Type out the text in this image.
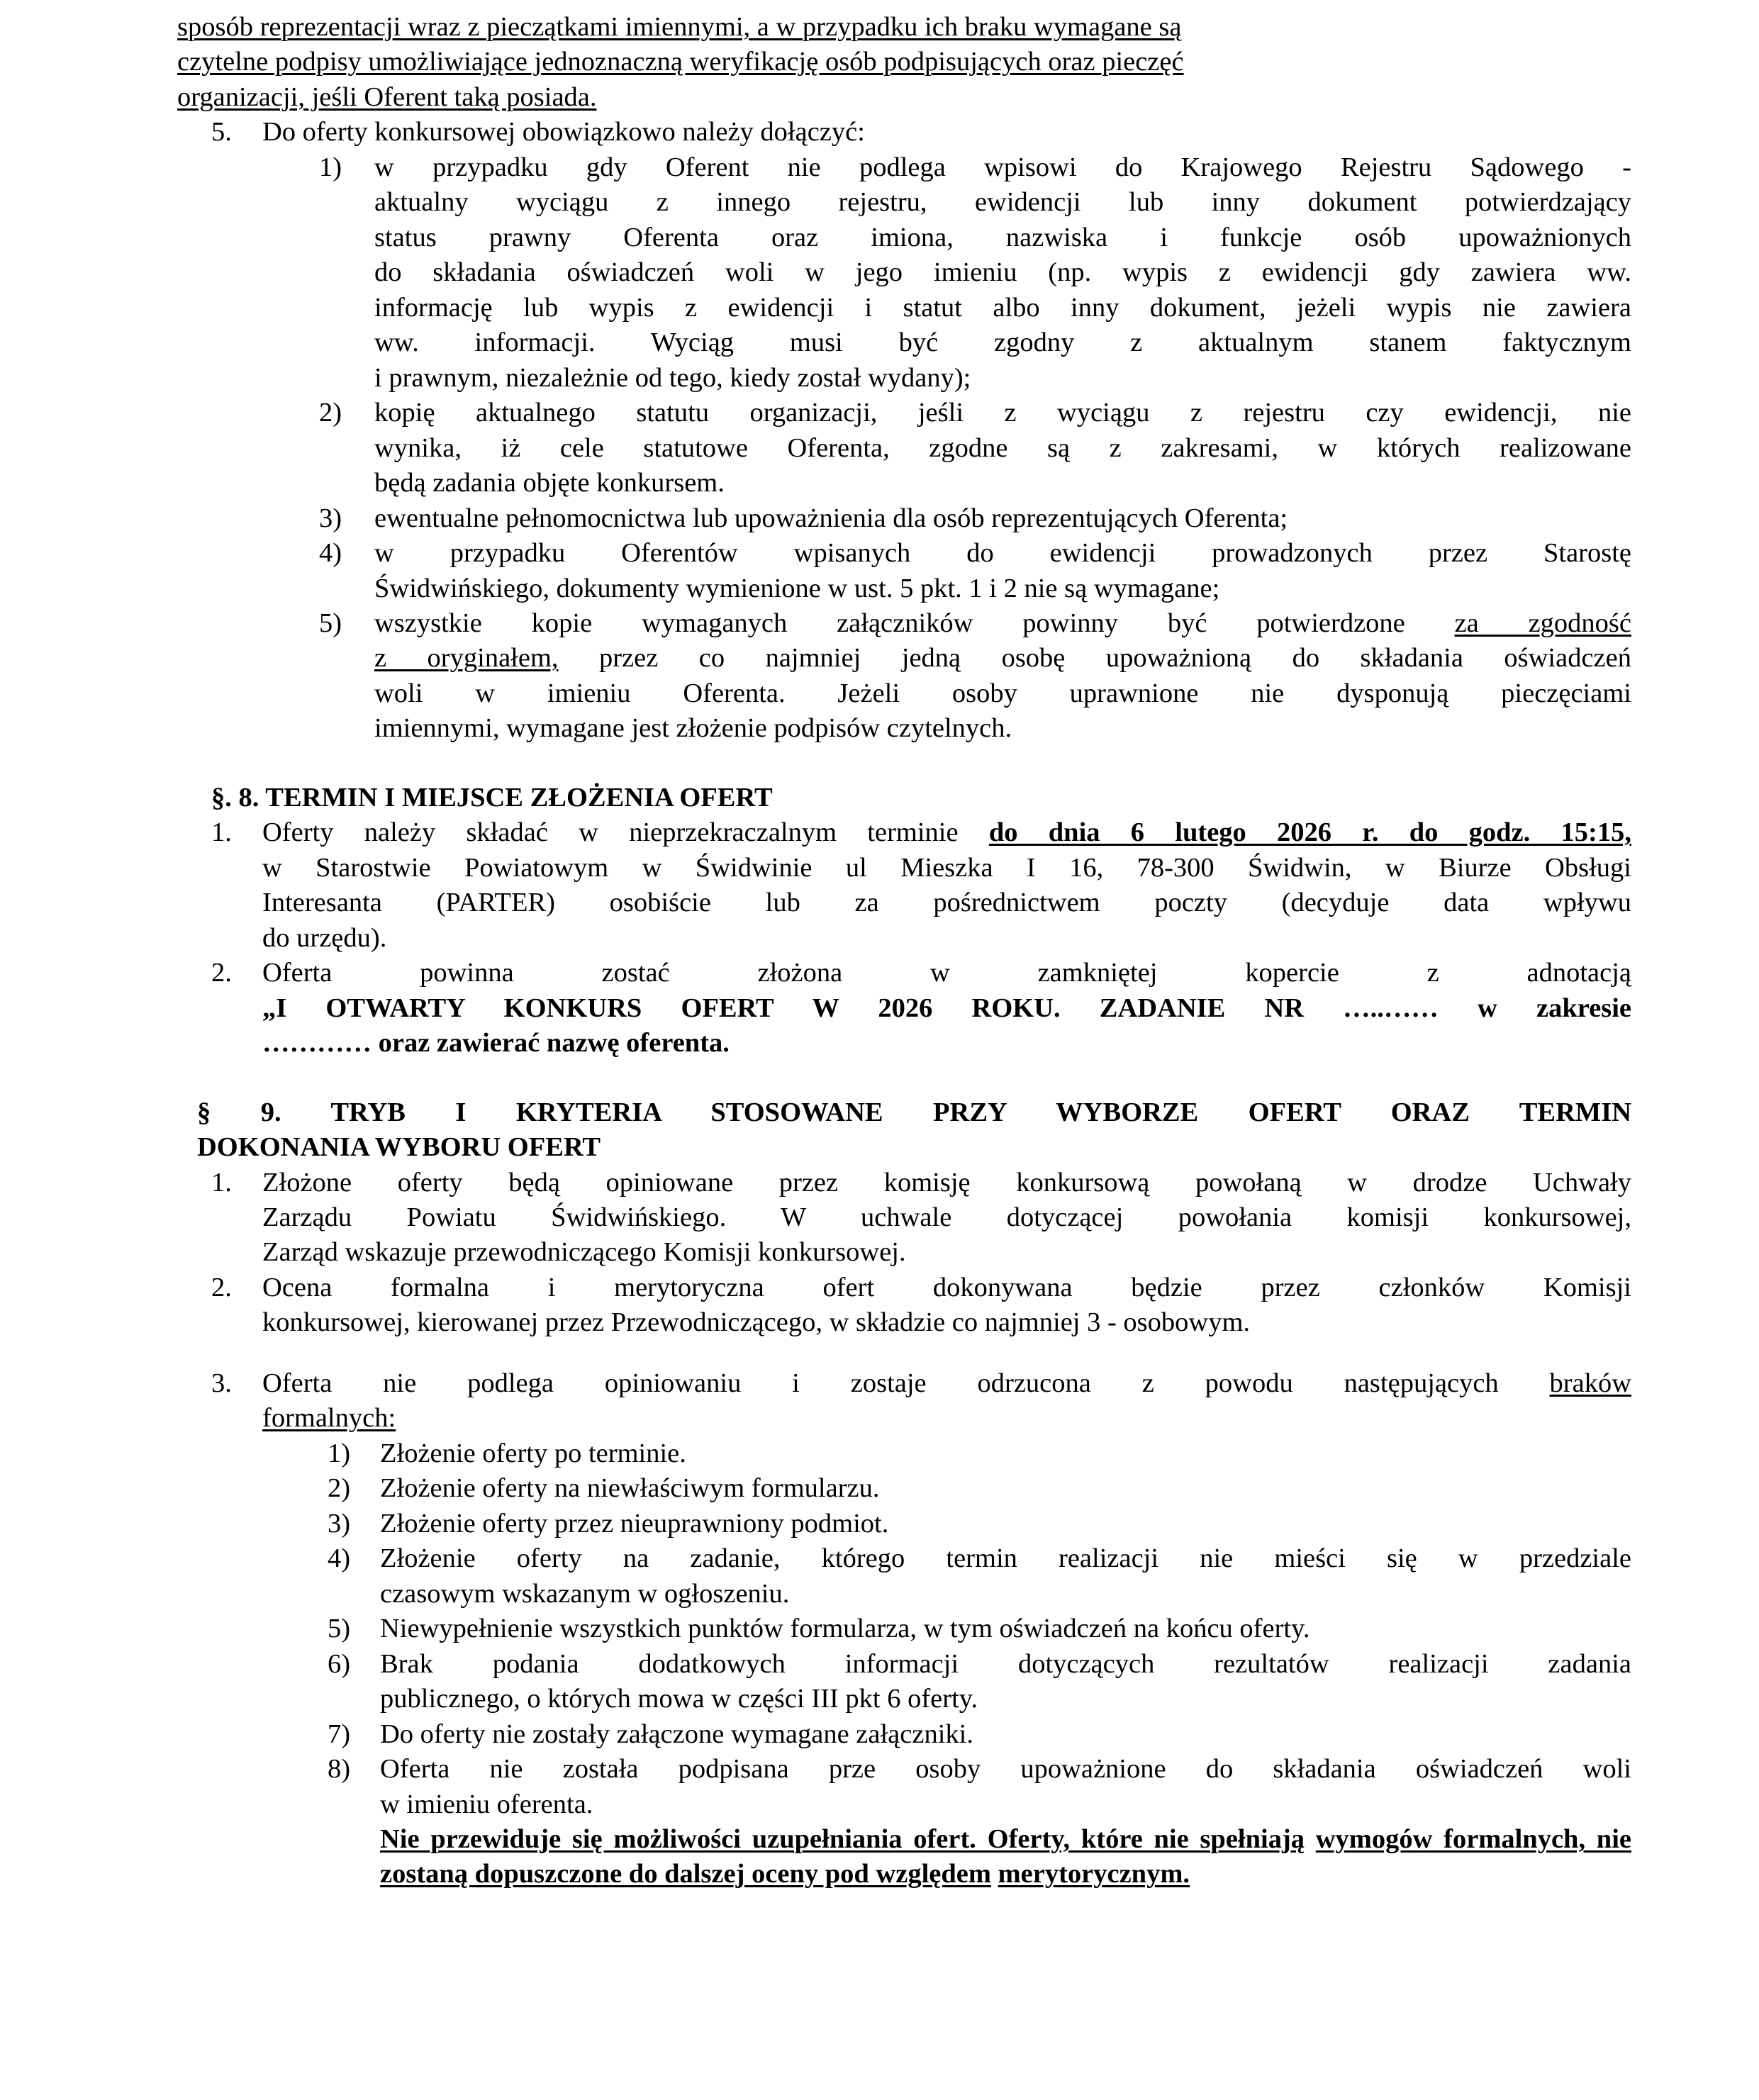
sposób reprezentacji wraz z pieczątkami imiennymi, a w przypadku ich braku wymagane są
czytelne podpisy umożliwiające jednoznaczną weryfikację osób podpisujących oraz pieczęć
organizacji, jeśli Oferent taką posiada.
5.	Do oferty konkursowej obowiązkowo należy dołączyć:
1)	w przypadku gdy Oferent nie podlega wpisowi do Krajowego Rejestru Sądowego -
aktualny wyciągu z innego rejestru, ewidencji lub inny dokument potwierdzający
status prawny Oferenta oraz imiona, nazwiska i funkcje osób upoważnionych
do składania oświadczeń woli w jego imieniu (np. wypis z ewidencji gdy zawiera ww.
informację lub wypis z ewidencji i statut albo inny dokument, jeżeli wypis nie zawiera
ww. informacji. Wyciąg musi być zgodny z aktualnym stanem faktycznym
i prawnym, niezależnie od tego, kiedy został wydany);
2)	kopię aktualnego statutu organizacji, jeśli z wyciągu z rejestru czy ewidencji, nie
wynika, iż cele statutowe Oferenta, zgodne są z zakresami, w których realizowane
będą zadania objęte konkursem.
3)	ewentualne pełnomocnictwa lub upoważnienia dla osób reprezentujących Oferenta;
4)	w przypadku Oferentów wpisanych do ewidencji prowadzonych przez Starostę
Świdwińskiego, dokumenty wymienione w ust. 5 pkt. 1 i 2 nie są wymagane;
5)	wszystkie kopie wymaganych załączników powinny być potwierdzone za zgodność
z oryginałem, przez co najmniej jedną osobę upoważnioną do składania oświadczeń
woli w imieniu Oferenta. Jeżeli osoby uprawnione nie dysponują pieczęciami
imiennymi, wymagane jest złożenie podpisów czytelnych.
§. 8. TERMIN I MIEJSCE ZŁOŻENIA OFERT
1.	Oferty należy składać w nieprzekraczalnym terminie do dnia 6 lutego 2026 r. do godz. 15:15,
w Starostwie Powiatowym w Świdwinie ul Mieszka I 16, 78-300 Świdwin, w Biurze Obsługi
Interesanta (PARTER) osobiście lub za pośrednictwem poczty (decyduje data wpływu
do urzędu).
2.	Oferta powinna zostać złożona w zamkniętej kopercie z adnotacją
„I OTWARTY KONKURS OFERT W 2026 ROKU. ZADANIE NR …..…… w zakresie
………… oraz zawierać nazwę oferenta.
§ 9. TRYB I KRYTERIA STOSOWANE PRZY WYBORZE OFERT ORAZ TERMIN
DOKONANIA WYBORU OFERT
1.	Złożone oferty będą opiniowane przez komisję konkursową powołaną w drodze Uchwały
Zarządu Powiatu Świdwińskiego. W uchwale dotyczącej powołania komisji konkursowej,
Zarząd wskazuje przewodniczącego Komisji konkursowej.
2.	Ocena formalna i merytoryczna ofert dokonywana będzie przez członków Komisji
konkursowej, kierowanej przez Przewodniczącego, w składzie co najmniej 3 - osobowym.
3.	Oferta nie podlega opiniowaniu i zostaje odrzucona z powodu następujących braków
formalnych:
1)	Złożenie oferty po terminie.
2)	Złożenie oferty na niewłaściwym formularzu.
3)	Złożenie oferty przez nieuprawniony podmiot.
4)	Złożenie oferty na zadanie, którego termin realizacji nie mieści się w przedziale
czasowym wskazanym w ogłoszeniu.
5)	Niewypełnienie wszystkich punktów formularza, w tym oświadczeń na końcu oferty.
6)	Brak podania dodatkowych informacji dotyczących rezultatów realizacji zadania
publicznego, o których mowa w części III pkt 6 oferty.
7)	Do oferty nie zostały załączone wymagane załączniki.
8)	Oferta nie została podpisana prze osoby upoważnione do składania oświadczeń woli
w imieniu oferenta.
Nie przewiduje się możliwości uzupełniania ofert. Oferty, które nie spełniają wymogów formalnych, nie zostaną dopuszczone do dalszej oceny pod względem merytorycznym.
